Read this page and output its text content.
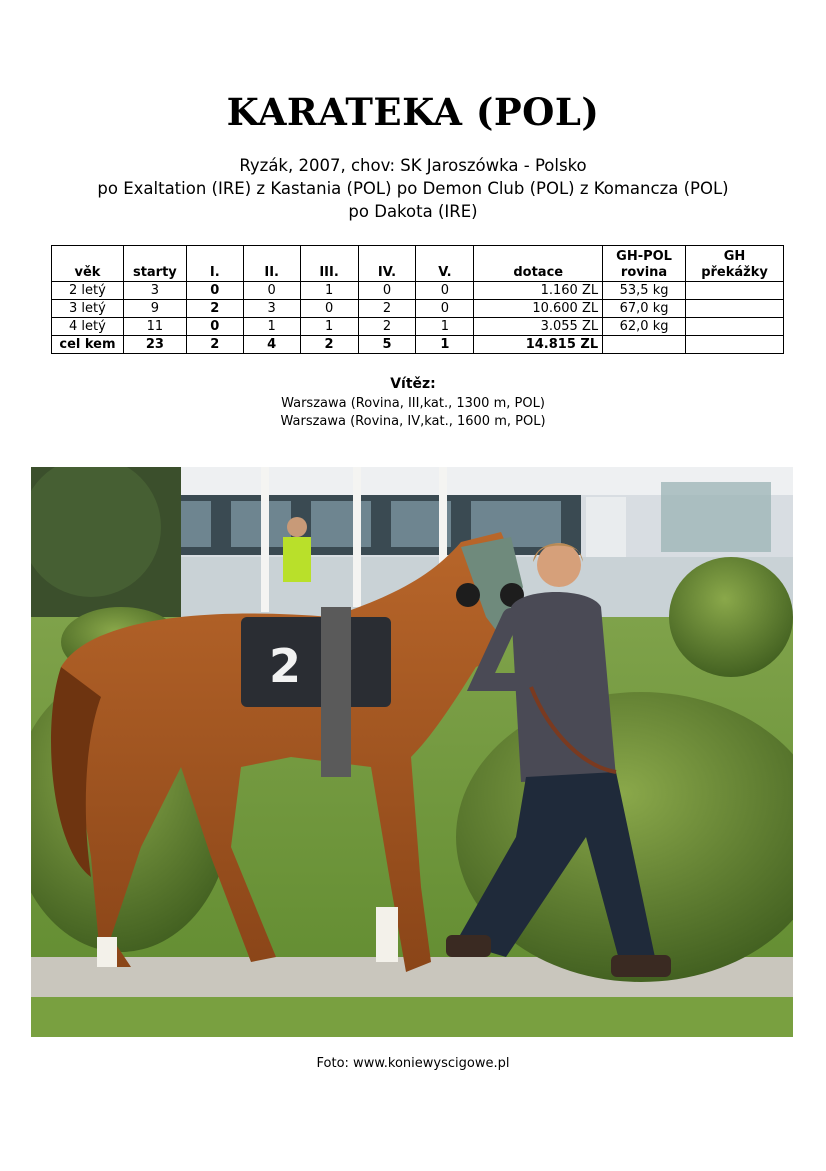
KARATEKA (POL)
Ryzák, 2007, chov: SK Jaroszówka - Polsko
po Exaltation (IRE) z Kastania (POL) po Demon Club (POL) z Komancza (POL)
po Dakota (IRE)
věk	starty	I.	II.	III.	IV.	V.	dotace	GH-POL rovina	GH překážky
2 letý	3	0	0	1	0	0	1.160 ZL	53,5 kg	
3 letý	9	2	3	0	2	0	10.600 ZL	67,0 kg	
4 letý	11	0	1	1	2	1	3.055 ZL	62,0 kg	
cel kem	23	2	4	2	5	1	14.815 ZL		
Vítěz:
Warszawa (Rovina, III,kat., 1300 m, POL)
Warszawa (Rovina, IV,kat., 1600 m, POL)
2
Foto: www.koniewyscigowe.pl
